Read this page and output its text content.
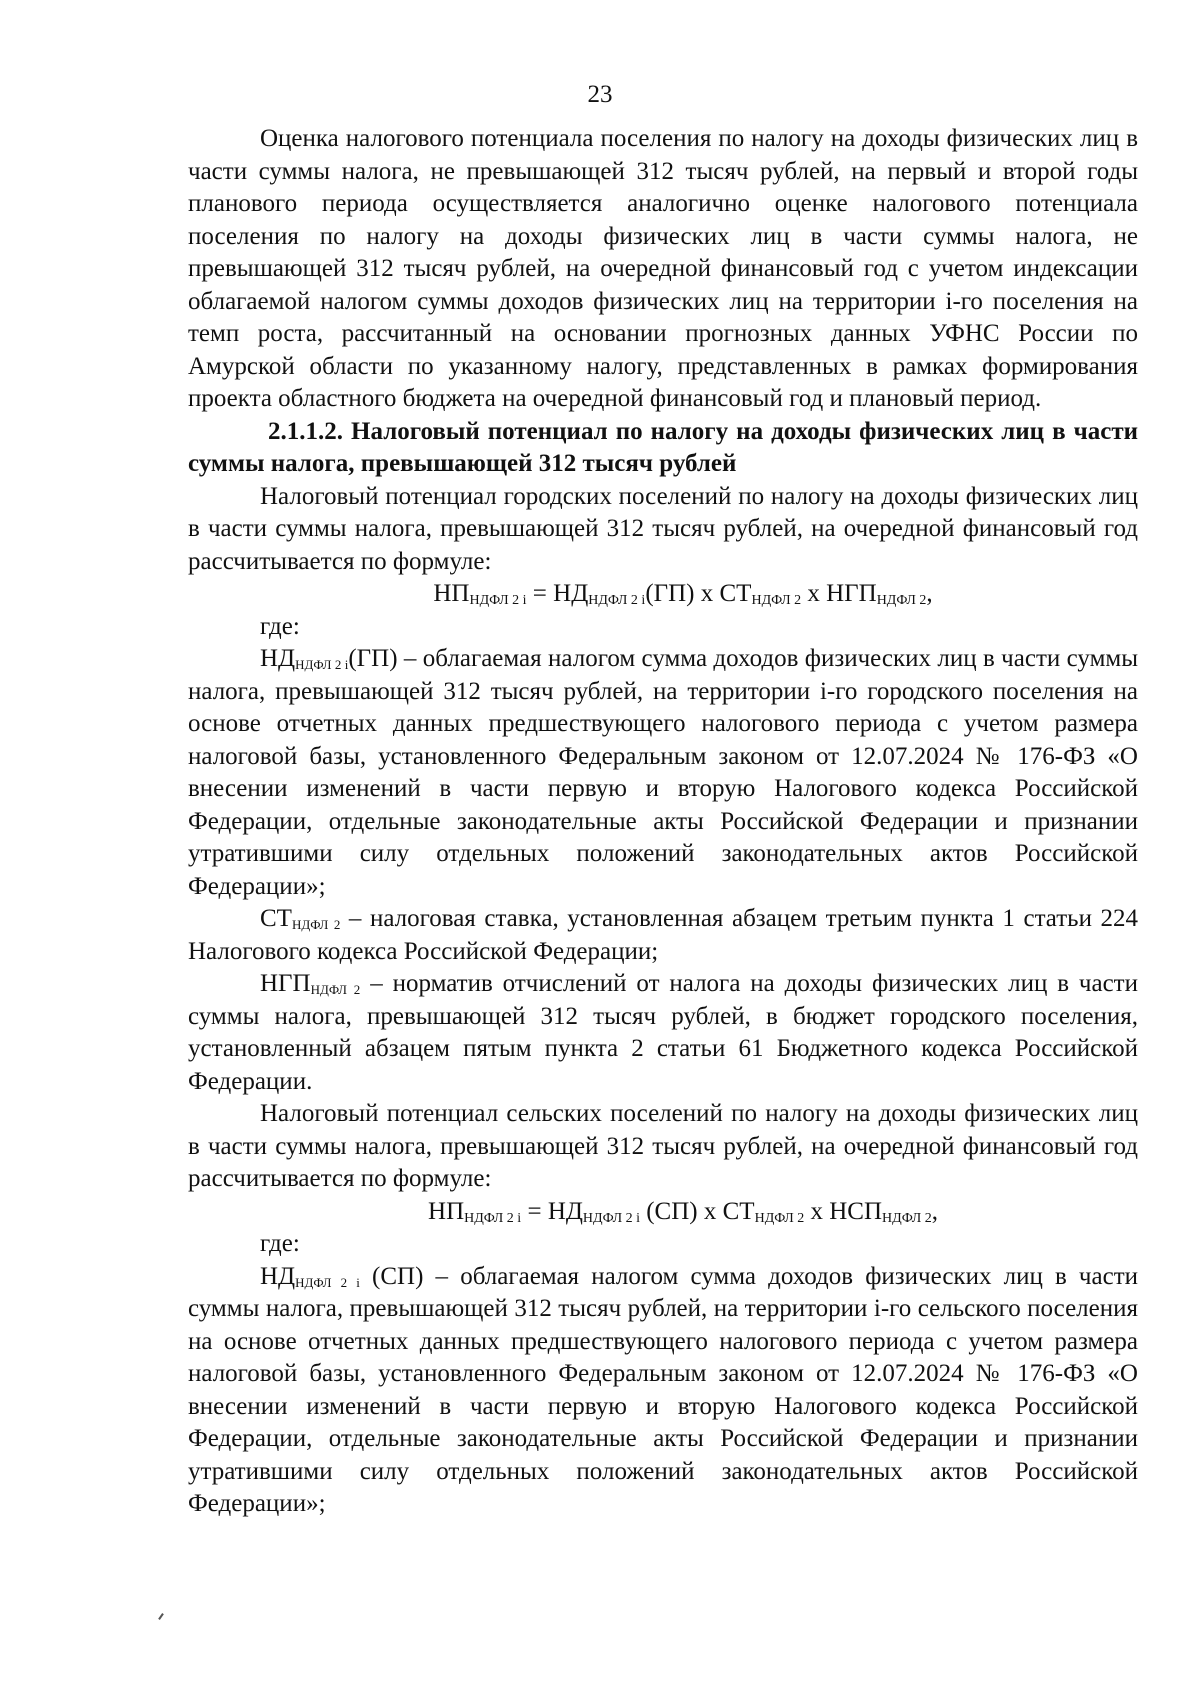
23

Оценка налогового потенциала поселения по налогу на доходы физических лиц в части суммы налога, не превышающей 312 тысяч рублей, на первый и второй годы планового периода осуществляется аналогично оценке налогового потенциала поселения по налогу на доходы физических лиц в части суммы налога, не превышающей 312 тысяч рублей, на очередной финансовый год с учетом индексации облагаемой налогом суммы доходов физических лиц на территории i-го поселения на темп роста, рассчитанный на основании прогнозных данных УФНС России по Амурской области по указанному налогу, представленных в рамках формирования проекта областного бюджета на очередной финансовый год и плановый период.

2.1.1.2. Налоговый потенциал по налогу на доходы физических лиц в части суммы налога, превышающей 312 тысяч рублей

Налоговый потенциал городских поселений по налогу на доходы физических лиц в части суммы налога, превышающей 312 тысяч рублей, на очередной финансовый год рассчитывается по формуле:

НПНДФЛ 2 i = НДНДФЛ 2 i(ГП) x СТНДФЛ 2 x НГПНДФЛ 2,

где:

$НД_{НДФЛ 2 i}(ГП)$ – облагаемая налогом сумма доходов физических лиц в части суммы налога, превышающей 312 тысяч рублей, на территории i-го городского поселения на основе отчетных данных предшествующего налогового периода с учетом размера налоговой базы, установленного Федеральным законом от 12.07.2024 № 176-ФЗ «О внесении изменений в части первую и вторую Налогового кодекса Российской Федерации, отдельные законодательные акты Российской Федерации и признании утратившими силу отдельных положений законодательных актов Российской Федерации»;

$СТ_{НДФЛ 2}$ – налоговая ставка, установленная абзацем третьим пункта 1 статьи 224 Налогового кодекса Российской Федерации;

$НГП_{НДФЛ 2}$ – норматив отчислений от налога на доходы физических лиц в части суммы налога, превышающей 312 тысяч рублей, в бюджет городского поселения, установленный абзацем пятым пункта 2 статьи 61 Бюджетного кодекса Российской Федерации.

Налоговый потенциал сельских поселений по налогу на доходы физических лиц в части суммы налога, превышающей 312 тысяч рублей, на очередной финансовый год рассчитывается по формуле:

НПНДФЛ 2 i = НДНДФЛ 2 i (СП) x СТНДФЛ 2 x НСПНДФЛ 2,

где:

$НД_{НДФЛ 2 i}$ (СП) – облагаемая налогом сумма доходов физических лиц в части суммы налога, превышающей 312 тысяч рублей, на территории i-го сельского поселения на основе отчетных данных предшествующего налогового периода с учетом размера налоговой базы, установленного Федеральным законом от 12.07.2024 № 176-ФЗ «О внесении изменений в части первую и вторую Налогового кодекса Российской Федерации, отдельные законодательные акты Российской Федерации и признании утратившими силу отдельных положений законодательных актов Российской Федерации»;
